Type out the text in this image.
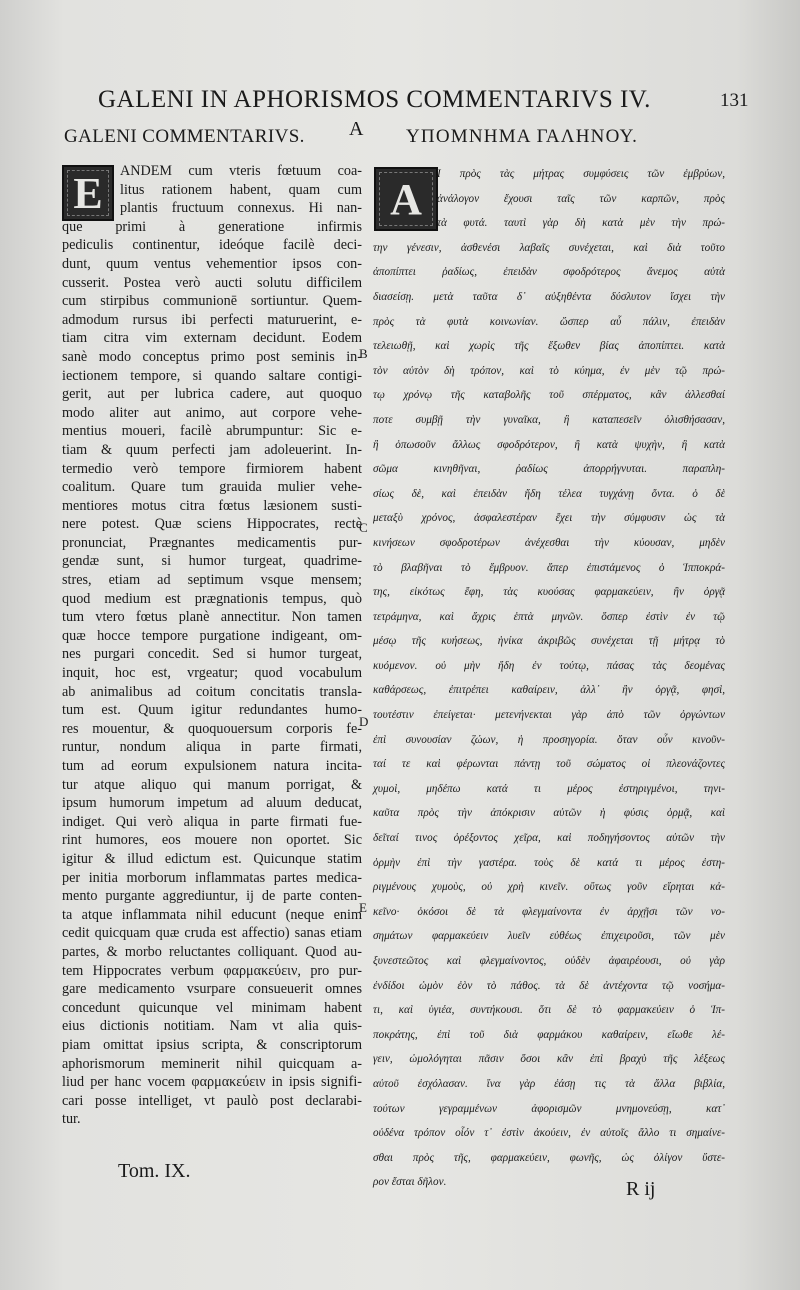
GALENI IN APHORISMOS COMMENTARIVS IV.	131
GALENI COMMENTARIVS. A ΥΠΟΜΝΗΜΑ ΓΑΛΗΝΟΥ.
E	A
ANDEM cum vteris fœtuum coa-
litus rationem habent, quam cum
plantis fructuum connexus. Hi nan-
que primi à generatione infirmis
pediculis continentur, ideóque facilè deci-
dunt, quum ventus vehementior ipsos con-
cusserit. Postea verò aucti solutu difficilem
cum stirpibus communionē sortiuntur. Quem-
admodum rursus ibi perfecti maturuerint, e-
tiam citra vim externam decidunt. Eodem
sanè modo conceptus primo post seminis in-
iectionem tempore, si quando saltare contigi-
gerit, aut per lubrica cadere, aut quoquo
modo aliter aut animo, aut corpore vehe-
mentius moueri, facilè abrumpuntur: Sic e-
tiam & quum perfecti jam adoleuerint. In-
termedio verò tempore firmiorem habent
coalitum. Quare tum grauida mulier vehe-
mentiores motus citra fœtus læsionem susti-
nere potest. Quæ sciens Hippocrates, rectè
pronunciat, Prægnantes medicamentis pur-
gendæ sunt, si humor turgeat, quadrime-
stres, etiam ad septimum vsque mensem;
quod medium est prægnationis tempus, quò
tum vtero fœtus planè annectitur. Non tamen
quæ hocce tempore purgatione indigeant, om-
nes purgari concedit. Sed si humor turgeat,
inquit, hoc est, vrgeatur; quod vocabulum
ab animalibus ad coitum concitatis transla-
tum est. Quum igitur redundantes humo-
res mouentur, & quoquouersum corporis fe-
runtur, nondum aliqua in parte firmati,
tum ad eorum expulsionem natura incita-
tur atque aliquo qui manum porrigat, &
ipsum humorum impetum ad aluum deducat,
indiget. Qui verò aliqua in parte firmati fue-
rint humores, eos mouere non oportet. Sic
igitur & illud edictum est. Quicunque statim
per initia morborum inflammatas partes medica-
mento purgante aggrediuntur, ij de parte conten-
ta atque inflammata nihil educunt (neque enim
cedit quicquam quæ cruda est affectio) sanas etiam
partes, & morbo reluctantes colliquant. Quod au-
tem Hippocrates verbum φαρμακεύειν, pro pur-
gare medicamento vsurpare consueuerit omnes
concedunt quicunque vel minimam habent
eius dictionis notitiam. Nam vt alia quis-
piam omittat ipsius scripta, & conscriptorum
aphorismorum meminerit nihil quicquam a-
liud per hanc vocem φαρμακεύειν in ipsis signifi-
cari posse intelliget, vt paulò post declarabi-
tur.
Ι πρὸς τὰς μήτρας συμφύσεις τῶν ἐμβρύων,
ἀνάλογον ἔχουσι ταῖς τῶν καρπῶν, πρὸς
τὰ φυτά. ταυτὶ γὰρ δὴ κατὰ μὲν τὴν πρώ-
την γένεσιν, ἀσθενέσι λαβαῖς συνέχεται, καὶ διὰ τοῦτο
ἀποπίπτει ῥαδίως, ἐπειδὰν σφοδρότερος ἄνεμος αὐτὰ
διασείσῃ. μετὰ ταῦτα δ᾽ αὐξηθέντα δύσλυτον ἴσχει τὴν
πρὸς τὰ φυτὰ κοινωνίαν. ὥσπερ αὖ πάλιν, ἐπειδὰν
τελειωθῇ, καὶ χωρὶς τῆς ἔξωθεν βίας ἀποπίπτει. κατὰ
τὸν αὐτὸν δὴ τρόπον, καὶ τὸ κύημα, ἐν μὲν τῷ πρώ-
τῳ χρόνῳ τῆς καταβολῆς τοῦ σπέρματος, κἂν ἀλλεσθαί
ποτε συμβῇ τὴν γυναῖκα, ἢ καταπεσεῖν ὀλισθήσασαν,
ἢ ὁπωσοῦν ἄλλως σφοδρότερον, ἢ κατὰ ψυχὴν, ἢ κατὰ
σῶμα κινηθῆναι, ῥαδίως ἀπορρήγνυται. παραπλη-
σίως δὲ, καὶ ἐπειδὰν ἤδη τέλεα τυγχάνῃ ὄντα. ὁ δὲ
μεταξὺ χρόνος, ἀσφαλεστέραν ἔχει τὴν σύμφυσιν ὡς τὰ
κινήσεων σφοδροτέρων ἀνέχεσθαι τὴν κύουσαν, μηδὲν
τὸ βλαβῆναι τὸ ἔμβρυον. ἅπερ ἐπιστάμενος ὁ Ἱπποκρά-
της, εἰκότως ἔφη, τὰς κυούσας φαρμακεύειν, ἢν ὀργᾷ
τετράμηνα, καὶ ἄχρις ἑπτὰ μηνῶν. ὅσπερ ἐστὶν ἐν τῷ
μέσῳ τῆς κυήσεως, ἡνίκα ἀκριβῶς συνέχεται τῇ μήτρᾳ τὸ
κυόμενον. οὐ μὴν ἤδη ἐν τούτῳ, πάσας τὰς δεομένας
καθάρσεως, ἐπιτρέπει καθαίρειν, ἀλλ᾽ ἢν ὀργᾷ, φησὶ,
τουτέστιν ἐπείγεται· μετενήνεκται γὰρ ἀπὸ τῶν ὀργώντων
ἐπὶ συνουσίαν ζώων, ἡ προσηγορία. ὅταν οὖν κινοῦν-
ταί τε καὶ φέρωνται πάντῃ τοῦ σώματος οἱ πλεονάζοντες
χυμοὶ, μηδέπω κατά τι μέρος ἐστηριγμένοι, τηνι-
καῦτα πρὸς τὴν ἀπόκρισιν αὐτῶν ἡ φύσις ὁρμᾷ, καὶ
δεῖταί τινος ὀρέξοντος χεῖρα, καὶ ποδηγήσοντος αὐτῶν τὴν
ὁρμὴν ἐπὶ τὴν γαστέρα. τοὺς δὲ κατά τι μέρος ἐστη-
ριγμένους χυμοὺς, οὐ χρὴ κινεῖν. οὕτως γοῦν εἴρηται κἀ-
κεῖνο· ὁκόσοι δὲ τὰ φλεγμαίνοντα ἐν ἀρχῇσι τῶν νο-
σημάτων φαρμακεύειν λυεῖν εὐθέως ἐπιχειροῦσι, τῶν μὲν
ξυνεστεῶτος καὶ φλεγμαίνοντος, οὐδὲν ἀφαιρέουσι, οὐ γὰρ
ἐνδίδοι ὠμὸν ἐὸν τὸ πάθος. τὰ δὲ ἀντέχοντα τῷ νοσήμα-
τι, καὶ ὑγιέα, συντήκουσι. ὅτι δὲ τὸ φαρμακεύειν ὁ Ἱπ-
ποκράτης, ἐπὶ τοῦ διὰ φαρμάκου καθαίρειν, εἴωθε λέ-
γειν, ὡμολόγηται πᾶσιν ὅσοι κἂν ἐπὶ βραχὺ τῆς λέξεως
αὐτοῦ ἐσχόλασαν. ἵνα γὰρ ἐάσῃ τις τὰ ἄλλα βιβλία,
τούτων γεγραμμένων ἀφορισμῶν μνημονεύσῃ, κατ᾽
οὐδένα τρόπον οἷόν τ᾽ ἐστὶν ἀκούειν, ἐν αὐτοῖς ἄλλο τι σημαίνε-
σθαι πρὸς τῆς, φαρμακεύειν, φωνῆς, ὡς ὀλίγον ὕστε-
ρον ἔσται δῆλον.
B
C
D
E
Tom. IX.
R ij
